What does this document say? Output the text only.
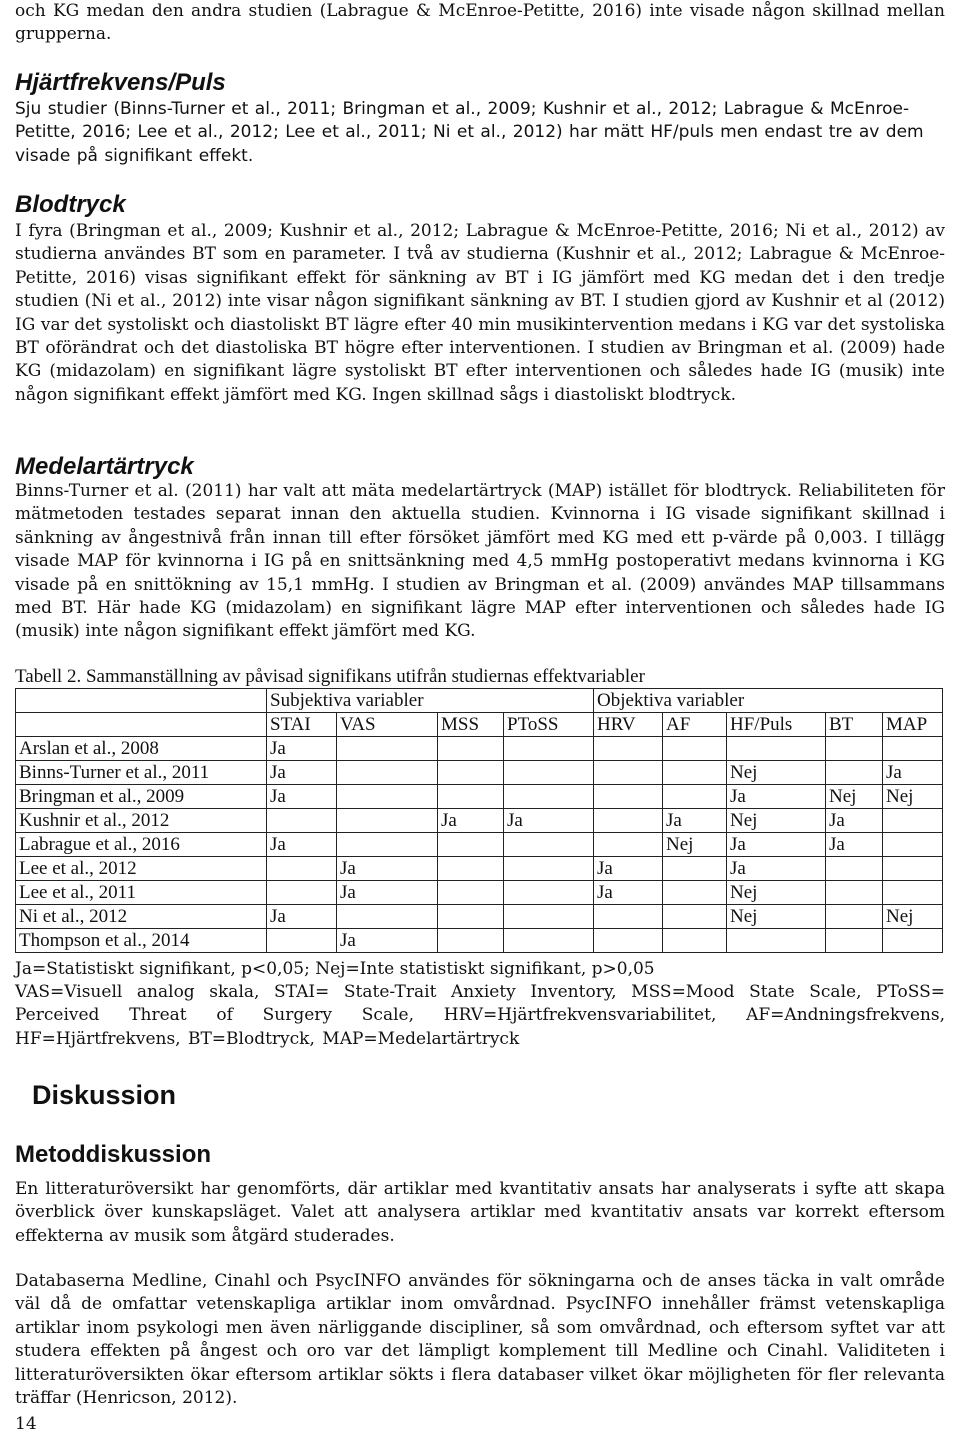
och KG medan den andra studien (Labrague & McEnroe-Petitte, 2016) inte visade någon skillnad mellan grupperna.

Hjärtfrekvens/Puls

Sju studier (Binns-Turner et al., 2011; Bringman et al., 2009; Kushnir et al., 2012; Labrague & McEnroe-Petitte, 2016; Lee et al., 2012; Lee et al., 2011; Ni et al., 2012) har mätt HF/puls men endast tre av dem visade på signifikant effekt.

Blodtryck

I fyra (Bringman et al., 2009; Kushnir et al., 2012; Labrague & McEnroe-Petitte, 2016; Ni et al., 2012) av studierna användes BT som en parameter. I två av studierna (Kushnir et al., 2012; Labrague & McEnroe-Petitte, 2016) visas signifikant effekt för sänkning av BT i IG jämfört med KG medan det i den tredje studien (Ni et al., 2012) inte visar någon signifikant sänkning av BT. I studien gjord av Kushnir et al (2012) IG var det systoliskt och diastoliskt BT lägre efter 40 min musikintervention medans i KG var det systoliska BT oförändrat och det diastoliska BT högre efter interventionen. I studien av Bringman et al. (2009) hade KG (midazolam) en signifikant lägre systoliskt BT efter interventionen och således hade IG (musik) inte någon signifikant effekt jämfört med KG. Ingen skillnad sågs i diastoliskt blodtryck.

Medelartärtryck

Binns-Turner et al. (2011) har valt att mäta medelartärtryck (MAP) istället för blodtryck. Reliabiliteten för mätmetoden testades separat innan den aktuella studien. Kvinnorna i IG visade signifikant skillnad i sänkning av ångestnivå från innan till efter försöket jämfört med KG med ett p-värde på 0,003. I tillägg visade MAP för kvinnorna i IG på en snittsänkning med 4,5 mmHg postoperativt medans kvinnorna i KG visade på en snittökning av 15,1 mmHg. I studien av Bringman et al. (2009) användes MAP tillsammans med BT. Här hade KG (midazolam) en signifikant lägre MAP efter interventionen och således hade IG (musik) inte någon signifikant effekt jämfört med KG.

Tabell 2. Sammanställning av påvisad signifikans utifrån studiernas effektvariabler

	Subjektiva variabler				Objektiva variabler				
	STAI	VAS	MSS	PToSS	HRV	AF	HF/Puls	BT	MAP
Arslan et al., 2008	Ja								
Binns-Turner et al., 2011	Ja						Nej		Ja
Bringman et al., 2009	Ja						Ja	Nej	Nej
Kushnir et al., 2012			Ja	Ja		Ja	Nej	Ja	
Labrague et al., 2016	Ja					Nej	Ja	Ja	
Lee et al., 2012		Ja			Ja		Ja		
Lee et al., 2011		Ja			Ja		Nej		
Ni et al., 2012	Ja						Nej		Nej
Thompson et al., 2014		Ja							

Ja=Statistiskt signifikant, p<0,05; Nej=Inte statistiskt signifikant, p>0,05

VAS=Visuell analog skala, STAI= State-Trait Anxiety Inventory, MSS=Mood State Scale, PToSS= Perceived Threat of Surgery Scale, HRV=Hjärtfrekvensvariabilitet, AF=Andningsfrekvens, HF=Hjärtfrekvens, BT=Blodtryck, MAP=Medelartärtryck

Diskussion
Metoddiskussion

En litteraturöversikt har genomförts, där artiklar med kvantitativ ansats har analyserats i syfte att skapa överblick över kunskapsläget. Valet att analysera artiklar med kvantitativ ansats var korrekt eftersom effekterna av musik som åtgärd studerades.

Databaserna Medline, Cinahl och PsycINFO användes för sökningarna och de anses täcka in valt område väl då de omfattar vetenskapliga artiklar inom omvårdnad. PsycINFO innehåller främst vetenskapliga artiklar inom psykologi men även närliggande discipliner, så som omvårdnad, och eftersom syftet var att studera effekten på ångest och oro var det lämpligt komplement till Medline och Cinahl. Validiteten i litteraturöversikten ökar eftersom artiklar sökts i flera databaser vilket ökar möjligheten för fler relevanta träffar (Henricson, 2012).

14
